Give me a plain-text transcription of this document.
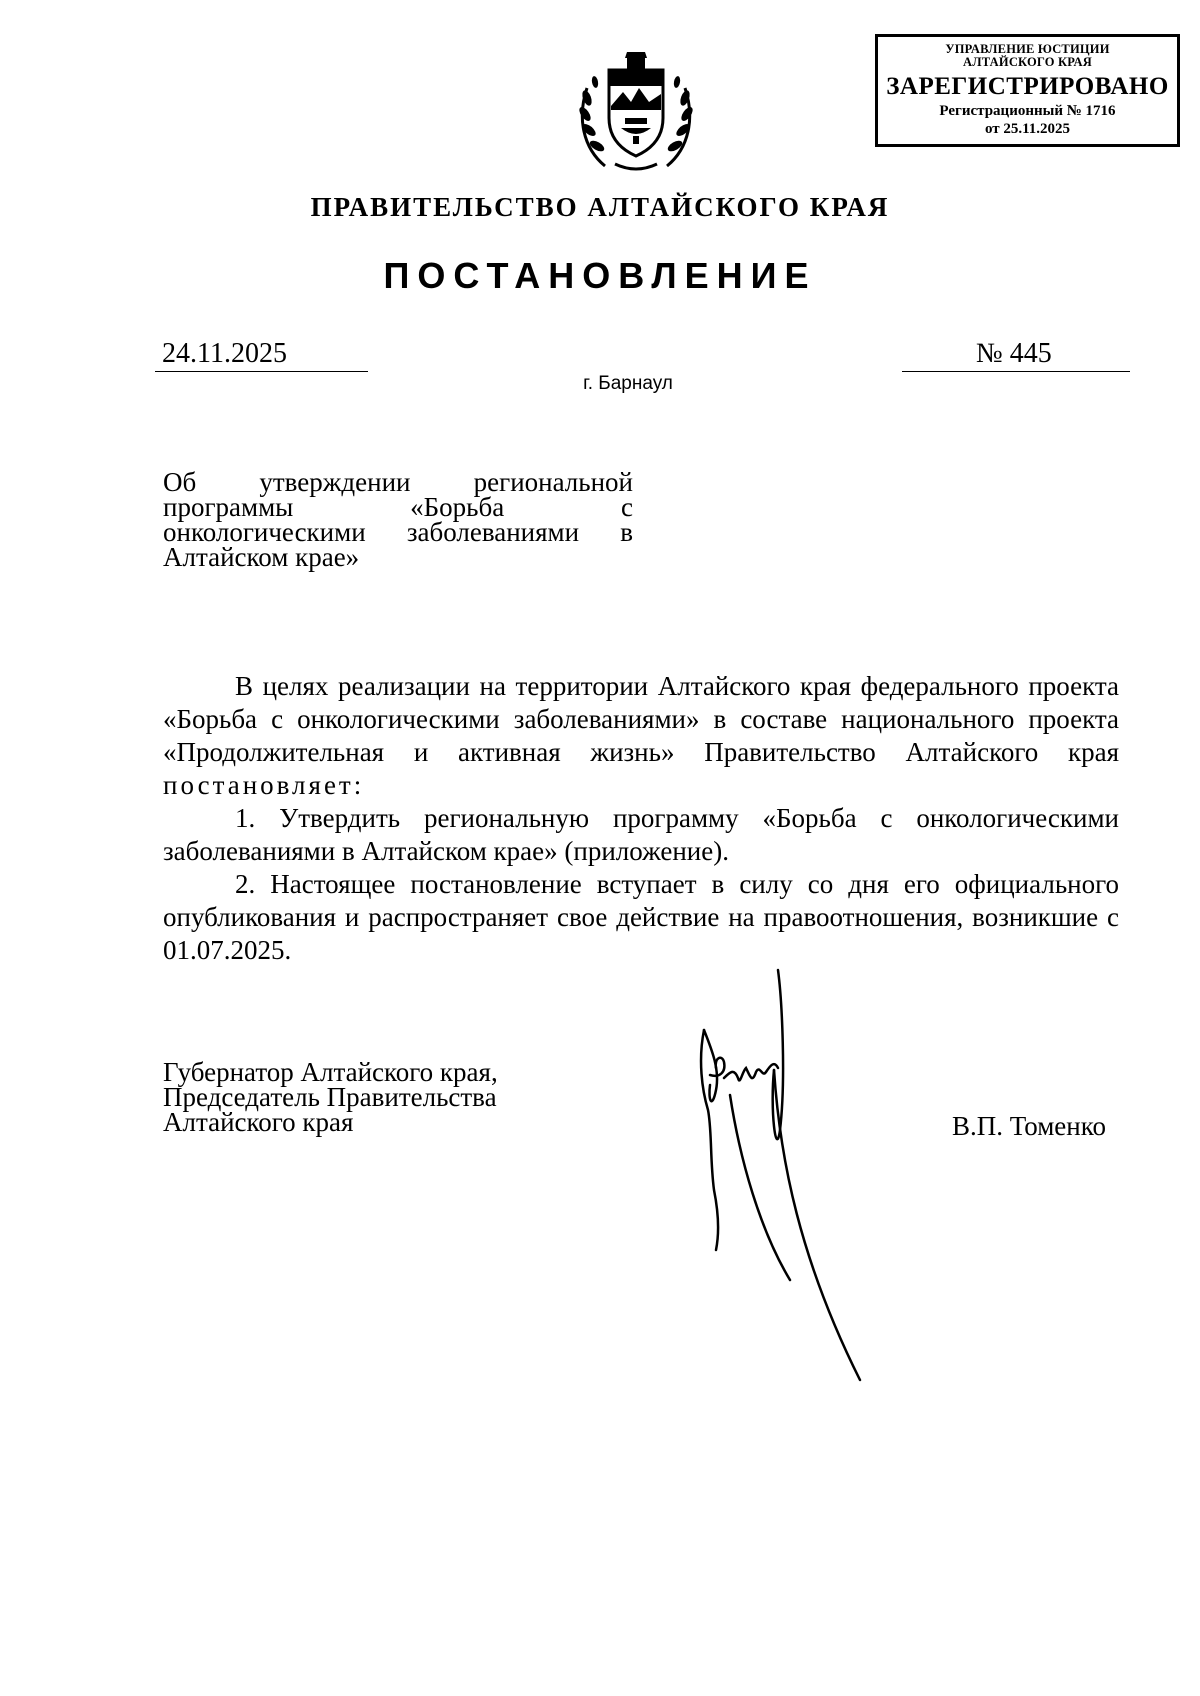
УПРАВЛЕНИЕ ЮСТИЦИИ
АЛТАЙСКОГО КРАЯ
ЗАРЕГИСТРИРОВАНО
Регистрационный № 1716
от 25.11.2025
ПРАВИТЕЛЬСТВО АЛТАЙСКОГО КРАЯ
ПОСТАНОВЛЕНИЕ
24.11.2025	№ 445
г. Барнаул
Об утверждении региональной
программы «Борьба с
онкологическими заболеваниями в
Алтайском крае»

В целях реализации на территории Алтайского края федерального проекта «Борьба с онкологическими заболеваниями» в составе национального проекта «Продолжительная и активная жизнь» Правительство Алтайского края постановляет:

1. Утвердить региональную программу «Борьба с онкологическими заболеваниями в Алтайском крае» (приложение).

2. Настоящее постановление вступает в силу со дня его официального опубликования и распространяет свое действие на правоотношения, возникшие с 01.07.2025.

Губернатор Алтайского края,
Председатель Правительства
Алтайского края	В.П. Томенко
